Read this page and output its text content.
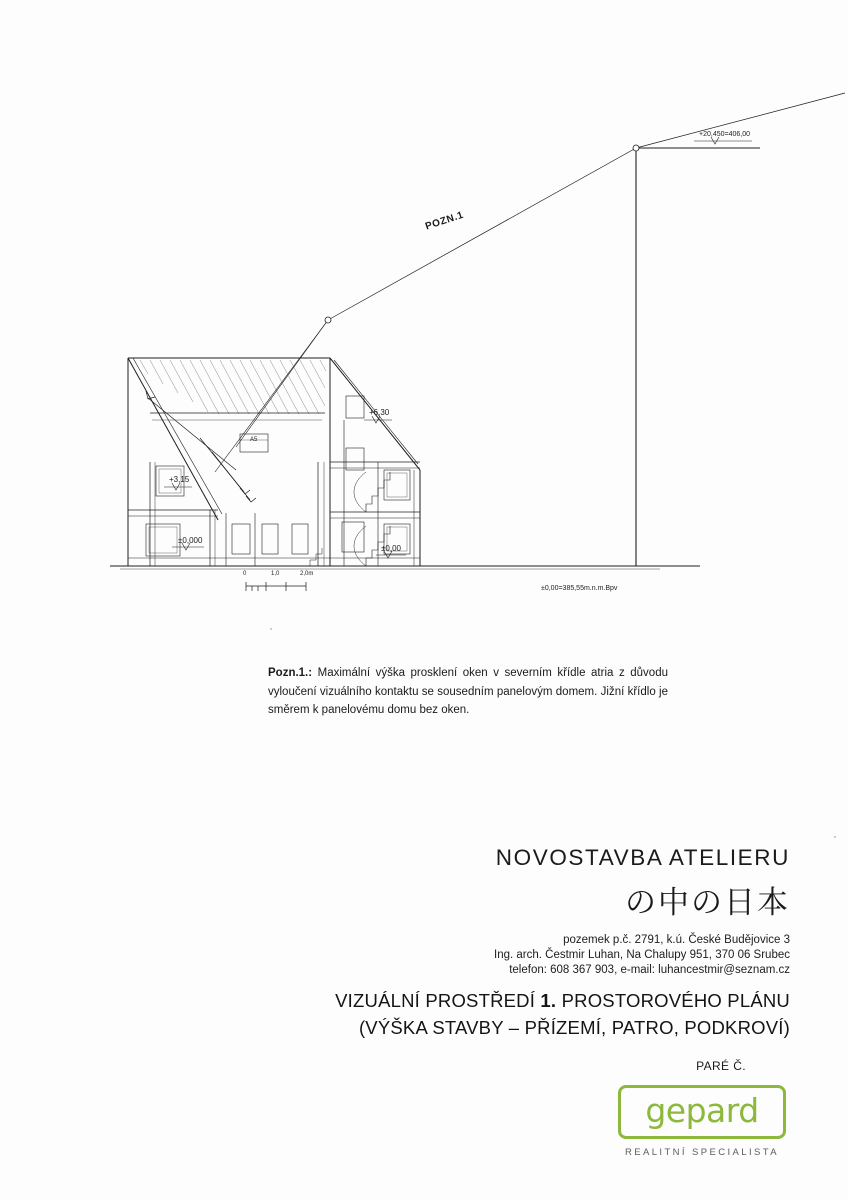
POZN.1
+20,450=406,00
+6,30
+3,15
±0,000
±0,00
A5
±0,00=385,55m.n.m.Bpv
0	1,0	2,0m
Pozn.1.: Maximální výška prosklení oken v severním křídle atria z důvodu vyloučení vizuálního kontaktu se sousedním panelovým domem. Jižní křídlo je směrem k panelovému domu bez oken.
NOVOSTAVBA ATELIERU
の中の日本
pozemek p.č. 2791, k.ú. České Budějovice 3
Ing. arch. Čestmir Luhan, Na Chalupy 951, 370 06 Srubec
telefon: 608 367 903, e-mail: luhancestmir@seznam.cz
VIZUÁLNÍ PROSTŘEDÍ 1. PROSTOROVÉHO PLÁNU
(VÝŠKA STAVBY – PŘÍZEMÍ, PATRO, PODKROVÍ)
PARÉ Č.
gepard
REALITNÍ SPECIALISTA
